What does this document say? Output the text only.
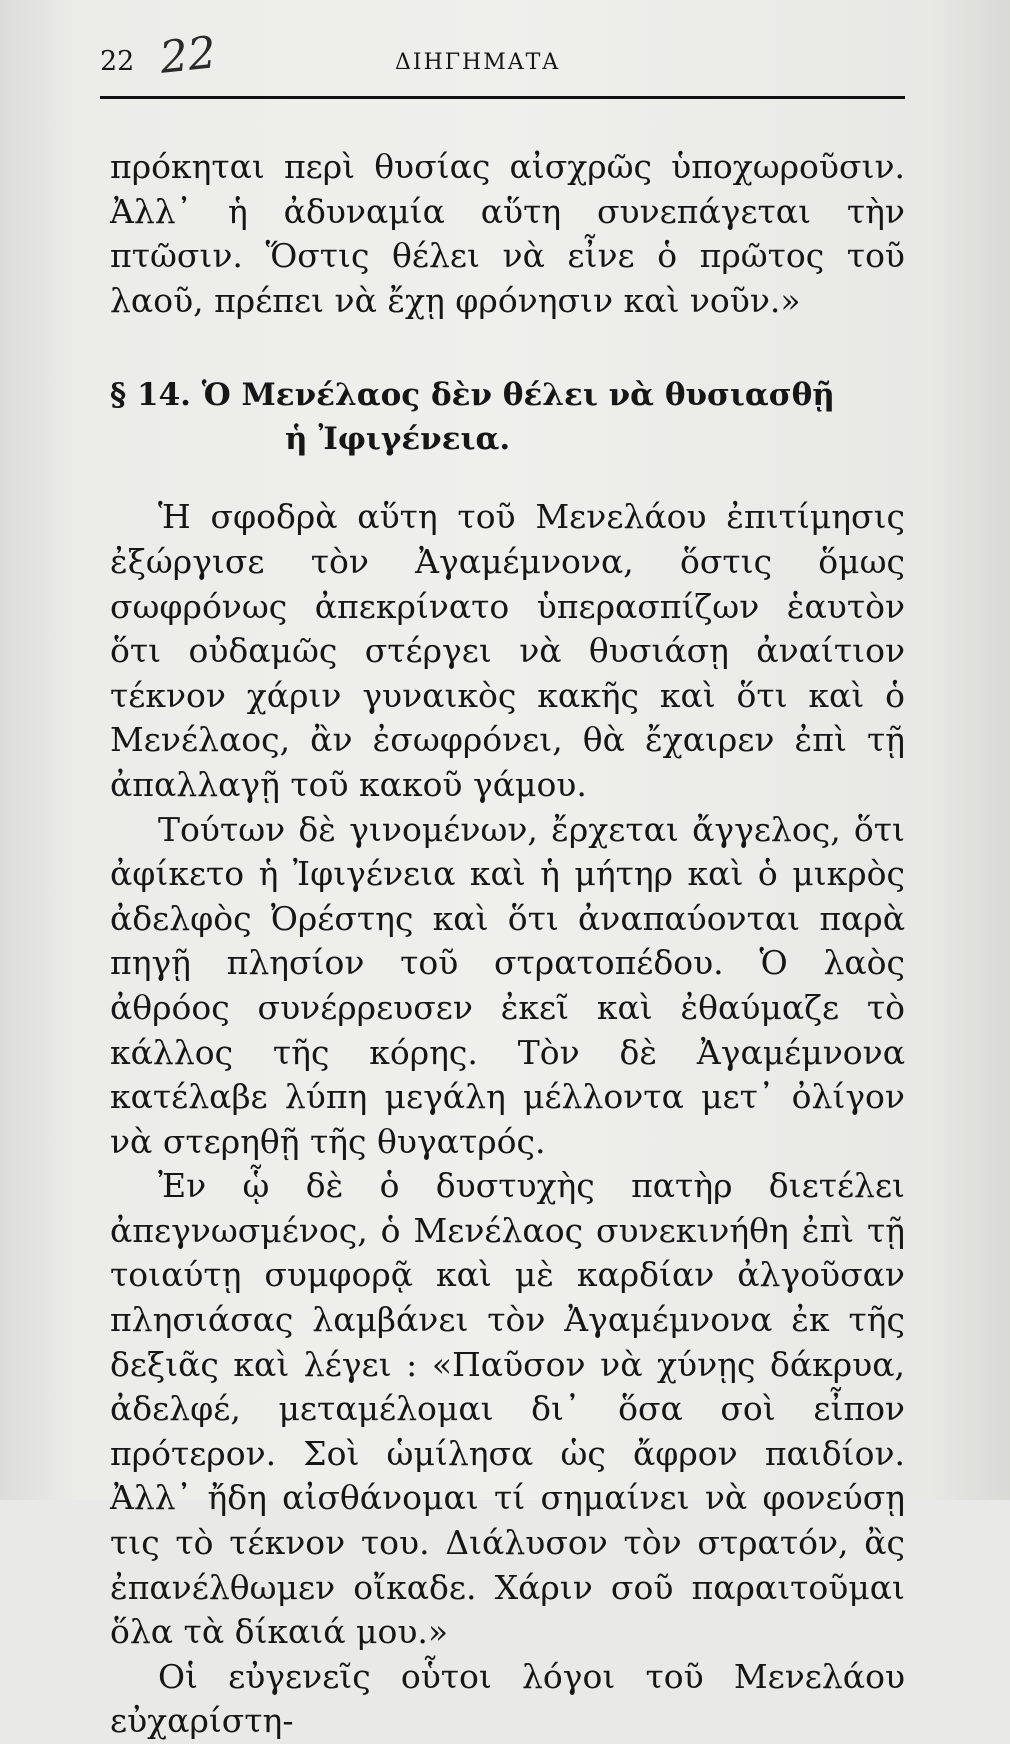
22 22	ΔΙΗΓΗΜΑΤΑ

πρόκηται περὶ θυσίας αἰσχρῶς ὑποχωροῦσιν. Ἀλλ᾽ ἡ ἀδυναμία αὕτη συνεπάγεται τὴν πτῶσιν. Ὅστις θέλει νὰ εἶνε ὁ πρῶτος τοῦ λαοῦ, πρέπει νὰ ἔχῃ φρόνησιν καὶ νοῦν.»

§ 14. Ὁ Μενέλαος δὲν θέλει νὰ θυσιασθῇ
ἡ Ἰφιγένεια.

Ἡ σφοδρὰ αὕτη τοῦ Μενελάου ἐπιτίμησις ἐξώργισε τὸν Ἀγαμέμνονα, ὅστις ὅμως σωφρόνως ἀπεκρίνατο ὑπερασπίζων ἑαυτὸν ὅτι οὐδαμῶς στέργει νὰ θυσιάσῃ ἀναίτιον τέκνον χάριν γυναικὸς κακῆς καὶ ὅτι καὶ ὁ Μενέλαος, ἂν ἐσωφρόνει, θὰ ἔχαιρεν ἐπὶ τῇ ἀπαλλαγῇ τοῦ κακοῦ γάμου.

Τούτων δὲ γινομένων, ἔρχεται ἄγγελος, ὅτι ἀφίκετο ἡ Ἰφιγένεια καὶ ἡ μήτηρ καὶ ὁ μικρὸς ἀδελφὸς Ὀρέστης καὶ ὅτι ἀναπαύονται παρὰ πηγῇ πλησίον τοῦ στρατοπέδου. Ὁ λαὸς ἀθρόος συνέρρευσεν ἐκεῖ καὶ ἐθαύμαζε τὸ κάλλος τῆς κόρης. Τὸν δὲ Ἀγαμέμνονα κατέλαβε λύπη μεγάλη μέλλοντα μετ᾽ ὀλίγον νὰ στερηθῇ τῆς θυγατρός.

Ἐν ᾧ δὲ ὁ δυστυχὴς πατὴρ διετέλει ἀπεγνωσμένος, ὁ Μενέλαος συνεκινήθη ἐπὶ τῇ τοιαύτῃ συμφορᾷ καὶ μὲ καρδίαν ἀλγοῦσαν πλησιάσας λαμβάνει τὸν Ἀγαμέμνονα ἐκ τῆς δεξιᾶς καὶ λέγει : «Παῦσον νὰ χύνῃς δάκρυα, ἀδελφέ, μεταμέλομαι δι᾽ ὅσα σοὶ εἶπον πρότερον. Σοὶ ὡμίλησα ὡς ἄφρον παιδίον. Ἀλλ᾽ ἤδη αἰσθάνομαι τί σημαίνει νὰ φονεύσῃ τις τὸ τέκνον του. Διάλυσον τὸν στρατόν, ἂς ἐπανέλθωμεν οἴκαδε. Χάριν σοῦ παραιτοῦμαι ὅλα τὰ δίκαιά μου.»

Οἱ εὐγενεῖς οὗτοι λόγοι τοῦ Μενελάου εὐχαρίστη-
